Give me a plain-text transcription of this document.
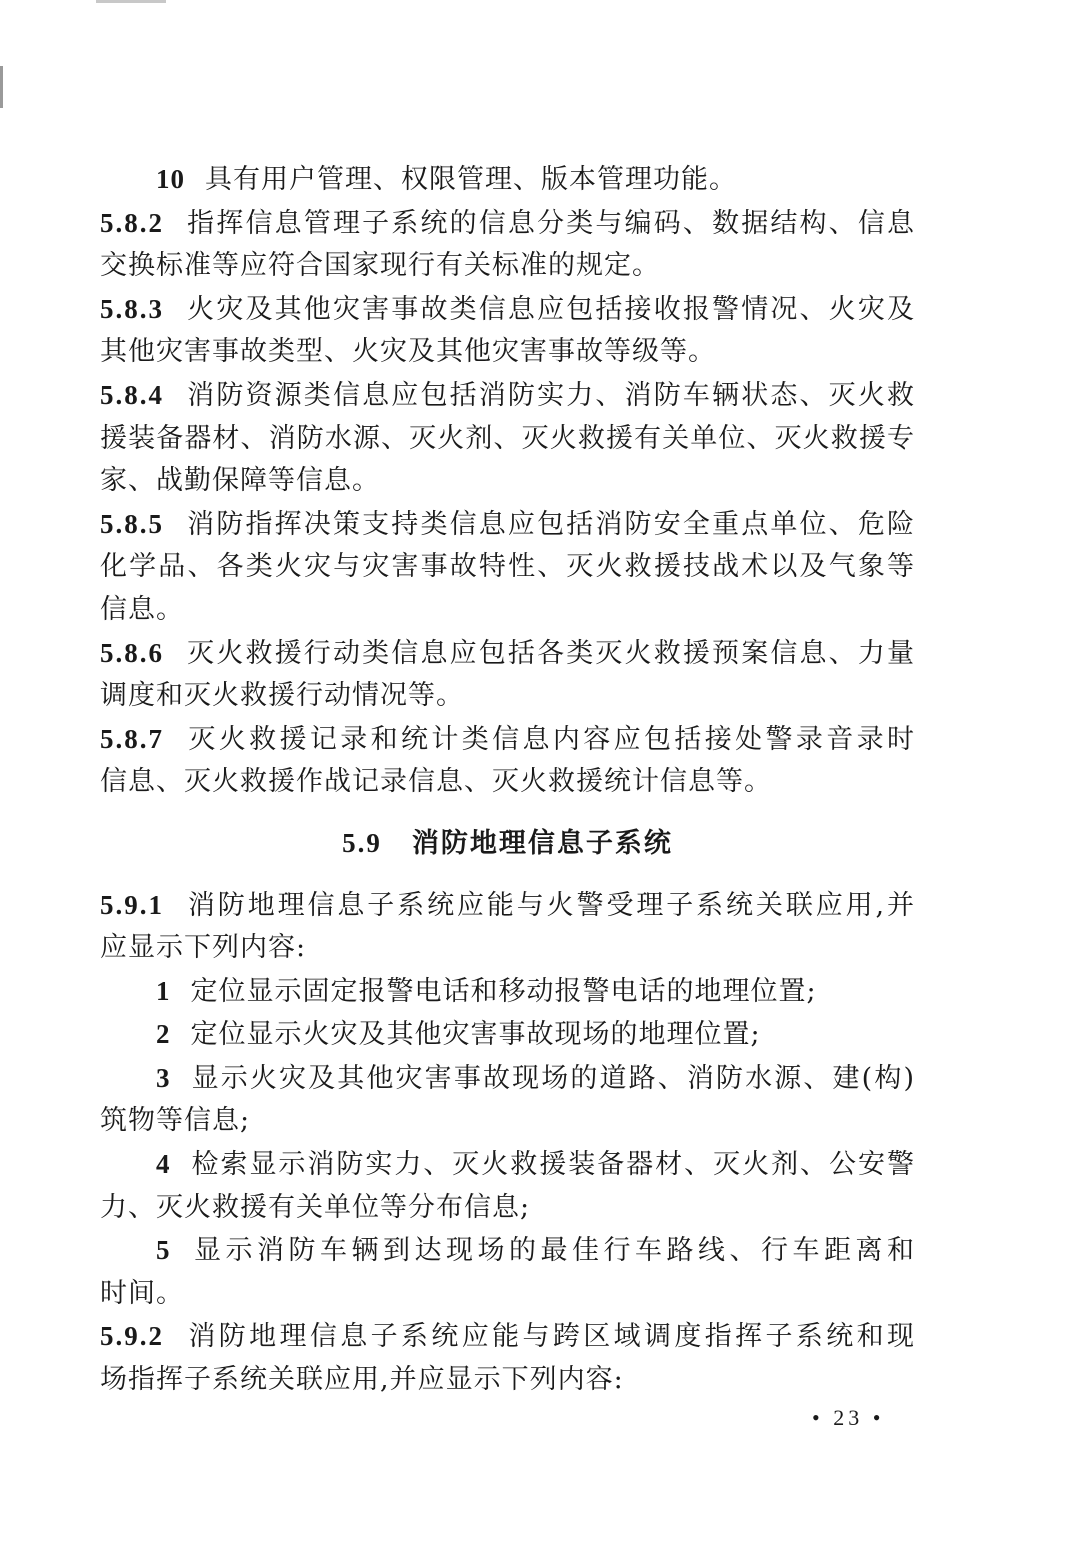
10 具有用户管理、权限管理、版本管理功能。
5.8.2 指挥信息管理子系统的信息分类与编码、数据结构、信息
交换标准等应符合国家现行有关标准的规定。
5.8.3 火灾及其他灾害事故类信息应包括接收报警情况、火灾及
其他灾害事故类型、火灾及其他灾害事故等级等。
5.8.4 消防资源类信息应包括消防实力、消防车辆状态、灭火救
援装备器材、消防水源、灭火剂、灭火救援有关单位、灭火救援专
家、战勤保障等信息。
5.8.5 消防指挥决策支持类信息应包括消防安全重点单位、危险
化学品、各类火灾与灾害事故特性、灭火救援技战术以及气象等
信息。
5.8.6 灭火救援行动类信息应包括各类灭火救援预案信息、力量
调度和灭火救援行动情况等。
5.8.7 灭火救援记录和统计类信息内容应包括接处警录音录时
信息、灭火救援作战记录信息、灭火救援统计信息等。
5.9 消防地理信息子系统
5.9.1 消防地理信息子系统应能与火警受理子系统关联应用,并
应显示下列内容:
1 定位显示固定报警电话和移动报警电话的地理位置;
2 定位显示火灾及其他灾害事故现场的地理位置;
3 显示火灾及其他灾害事故现场的道路、消防水源、建(构)
筑物等信息;
4 检索显示消防实力、灭火救援装备器材、灭火剂、公安警
力、灭火救援有关单位等分布信息;
5 显示消防车辆到达现场的最佳行车路线、行车距离和
时间。
5.9.2 消防地理信息子系统应能与跨区域调度指挥子系统和现
场指挥子系统关联应用,并应显示下列内容:
• 23 •
